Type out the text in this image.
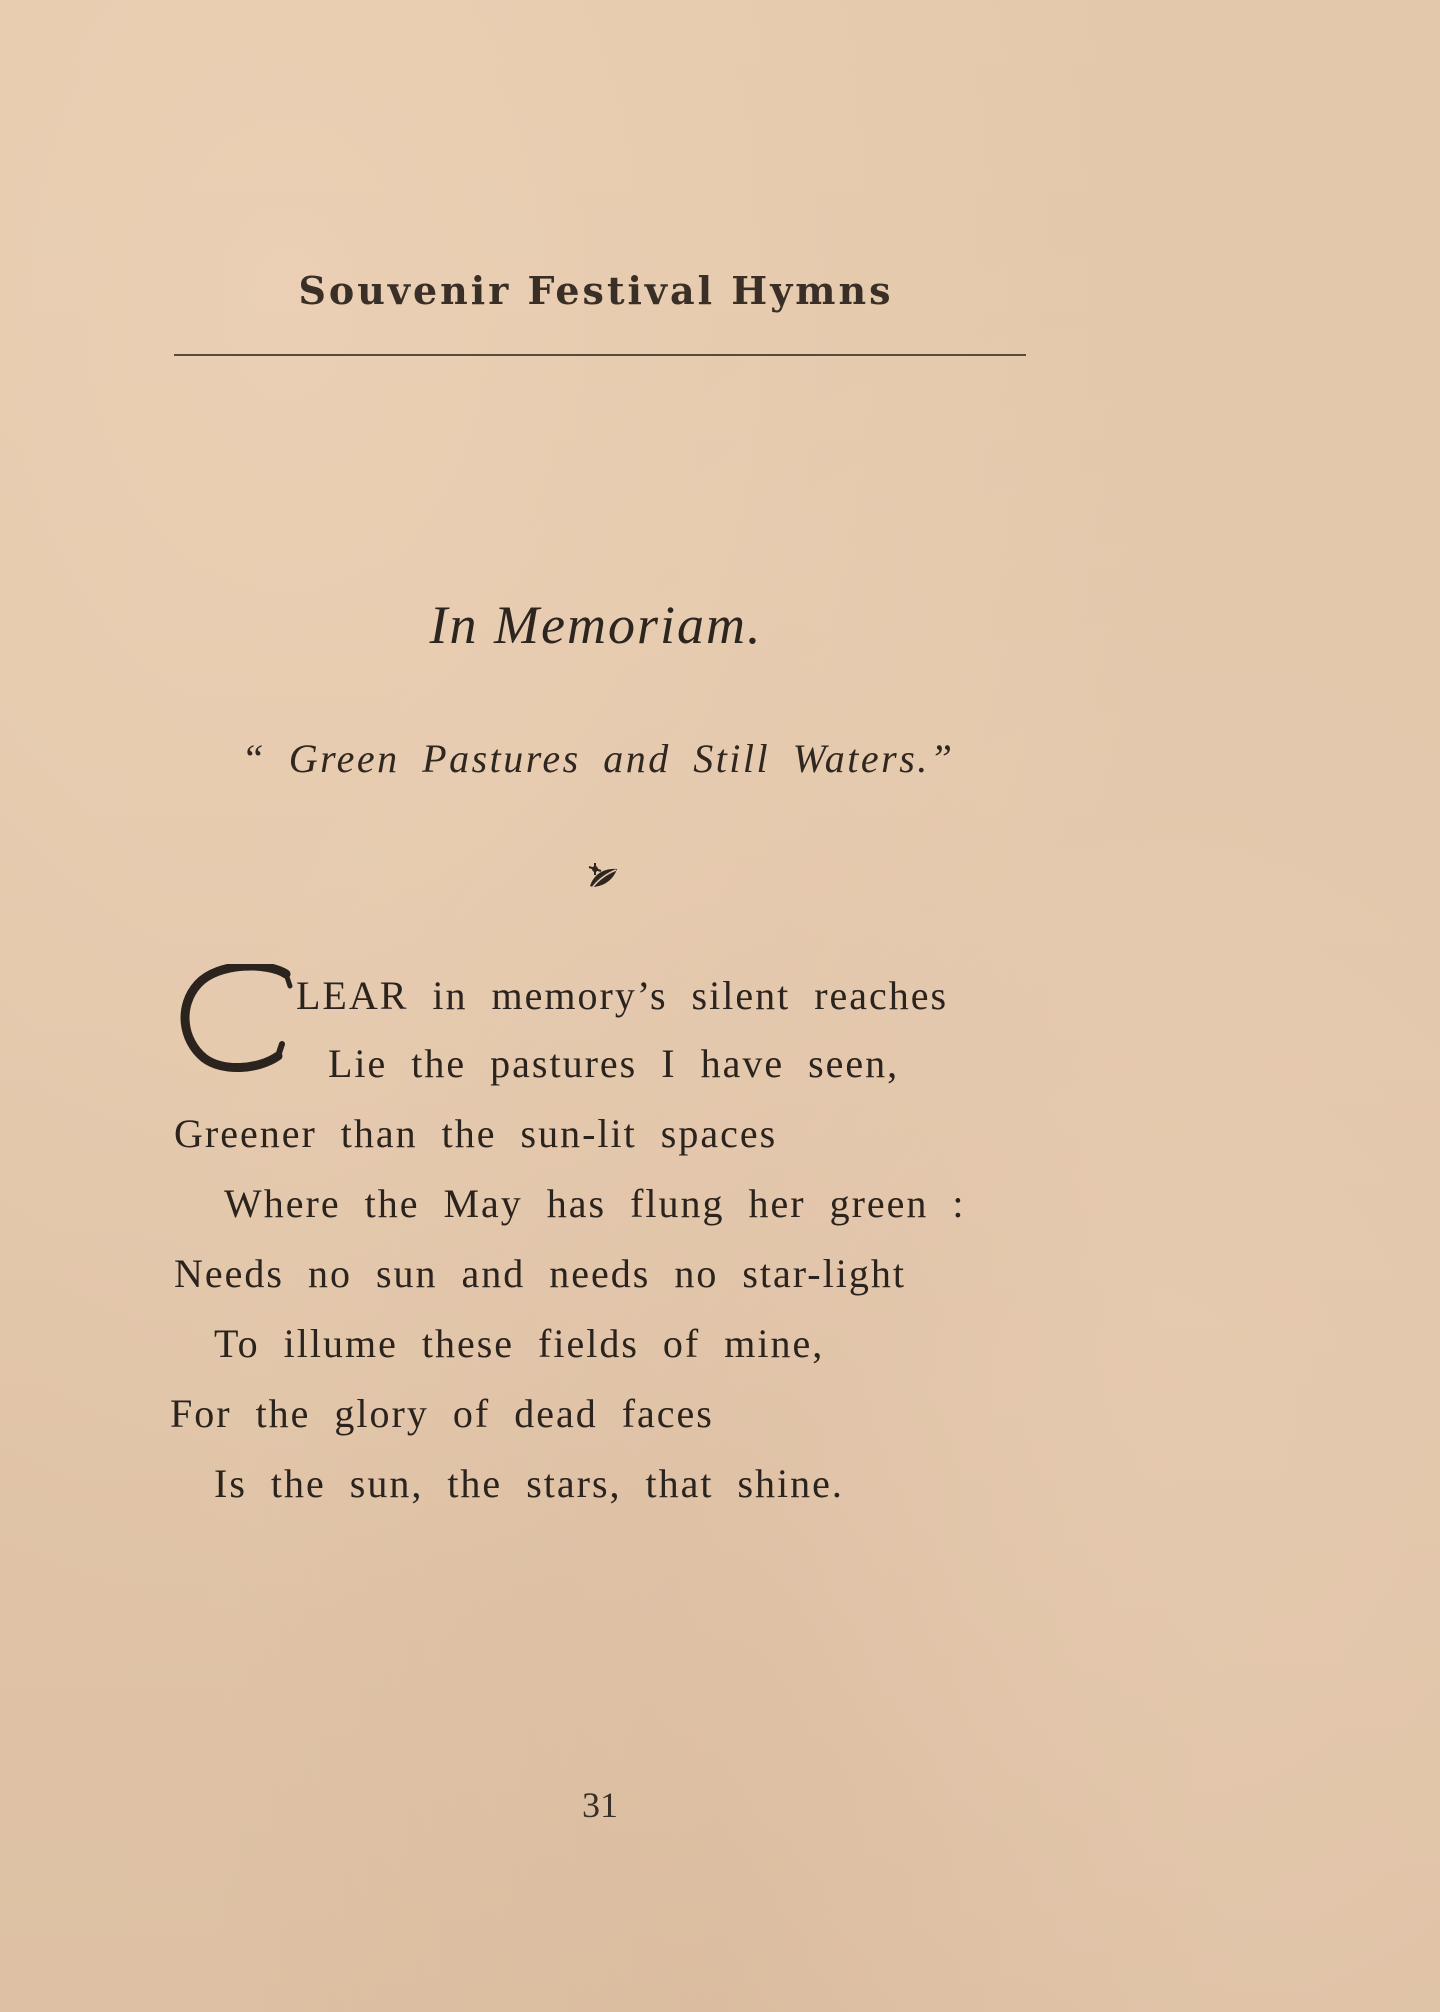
Souvenir Festival Hymns
In Memoriam.
“ Green Pastures and Still Waters.”
LEAR in memory’s silent reaches
Lie the pastures I have seen,
Greener than the sun-lit spaces
Where the May has flung her green :
Needs no sun and needs no star-light
To illume these fields of mine,
For the glory of dead faces
Is the sun, the stars, that shine.
31
